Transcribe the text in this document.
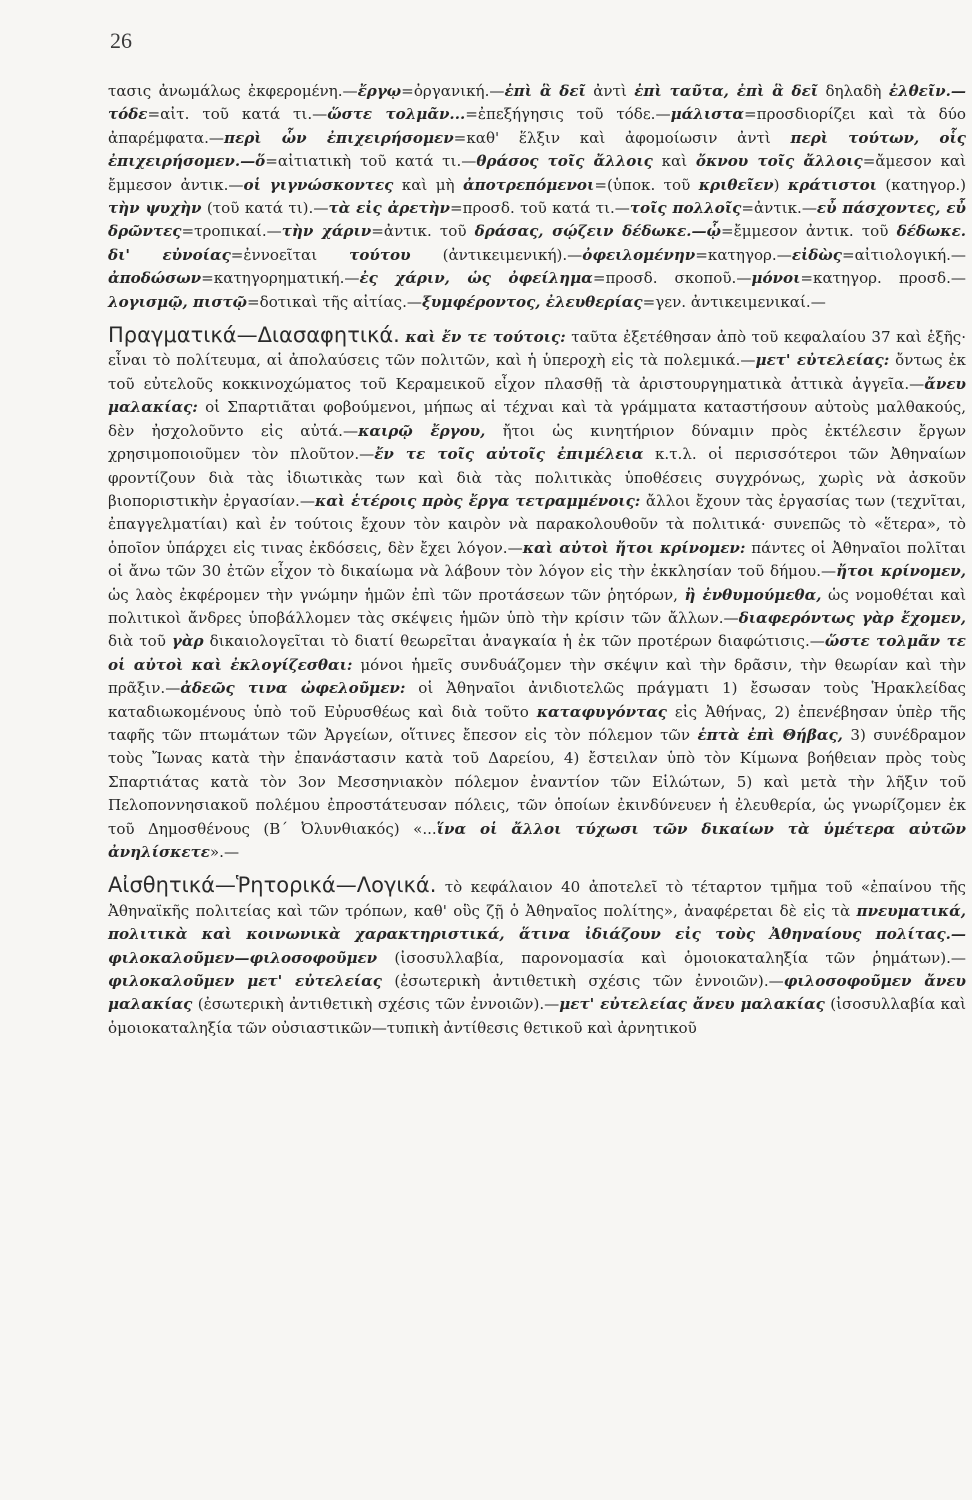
26

τασις ἀνωμάλως ἐκφερομένη.—ἔργῳ=ὀργανική.—ἐπὶ ἃ δεῖ ἀντὶ ἐπὶ ταῦτα, ἐπὶ ἃ δεῖ δηλαδὴ ἐλθεῖν.—τόδε=αἰτ. τοῦ κατά τι.—ὥστε τολμᾶν...=ἐπεξήγησις τοῦ τόδε.—μάλιστα=προσδιορίζει καὶ τὰ δύο ἀπαρέμφατα.—περὶ ὧν ἐπιχειρήσομεν=καθ' ἕλξιν καὶ ἀφομοίωσιν ἀντὶ περὶ τούτων, οἷς ἐπιχειρήσομεν.—ὅ=αἰτιατικὴ τοῦ κατά τι.—θράσος τοῖς ἄλλοις καὶ ὄκνου τοῖς ἄλλοις=ἄμεσον καὶ ἔμμεσον ἀντικ.—οἱ γιγνώσκοντες καὶ μὴ ἀποτρεπόμενοι=(ὑποκ. τοῦ κριθεῖεν) κράτιστοι (κατηγορ.) τὴν ψυχὴν (τοῦ κατά τι).—τὰ εἰς ἀρετὴν=προσδ. τοῦ κατά τι.—τοῖς πολλοῖς=ἀντικ.—εὖ πάσχοντες, εὖ δρῶντες=τροπικαί.—τὴν χάριν=ἀντικ. τοῦ δράσας, σῴζειν δέδωκε.—ᾧ=ἔμμεσον ἀντικ. τοῦ δέδωκε. δι' εὐνοίας=ἐννοεῖται τούτου (ἀντικειμενική).—ὀφειλομένην=κατηγορ.—εἰδὼς=αἰτιολογική.—ἀποδώσων=κατηγορηματική.—ἐς χάριν, ὡς ὀφείλημα=προσδ. σκοποῦ.—μόνοι=κατηγορ. προσδ.—λογισμῷ, πιστῷ=δοτικαὶ τῆς αἰτίας.—ξυμφέροντος, ἐλευθερίας=γεν. ἀντικειμενικαί.—

Πραγματικά—Διασαφητικά. καὶ ἔν τε τούτοις: ταῦτα ἐξετέθησαν ἀπὸ τοῦ κεφαλαίου 37 καὶ ἑξῆς· εἶναι τὸ πολίτευμα, αἱ ἀπολαύσεις τῶν πολιτῶν, καὶ ἡ ὑπεροχὴ εἰς τὰ πολεμικά.—μετ' εὐτελείας: ὄντως ἐκ τοῦ εὐτελοῦς κοκκινοχώματος τοῦ Κεραμεικοῦ εἶχον πλασθῇ τὰ ἀριστουργηματικὰ ἀττικὰ ἀγγεῖα.—ἄνευ μαλακίας: οἱ Σπαρτιᾶται φοβούμενοι, μήπως αἱ τέχναι καὶ τὰ γράμματα καταστήσουν αὐτοὺς μαλθακούς, δὲν ἠσχολοῦντο εἰς αὐτά.—καιρῷ ἔργου, ἤτοι ὡς κινητήριον δύναμιν πρὸς ἐκτέλεσιν ἔργων χρησιμοποιοῦμεν τὸν πλοῦτον.—ἔν τε τοῖς αὐτοῖς ἐπιμέλεια κ.τ.λ. οἱ περισσότεροι τῶν Ἀθηναίων φροντίζουν διὰ τὰς ἰδιωτικὰς των καὶ διὰ τὰς πολιτικὰς ὑποθέσεις συγχρόνως, χωρὶς νὰ ἀσκοῦν βιοποριστικὴν ἐργασίαν.—καὶ ἑτέροις πρὸς ἔργα τετραμμένοις: ἄλλοι ἔχουν τὰς ἐργασίας των (τεχνῖται, ἐπαγγελματίαι) καὶ ἐν τούτοις ἔχουν τὸν καιρὸν νὰ παρακολουθοῦν τὰ πολιτικά· συνεπῶς τὸ «ἕτερα», τὸ ὁποῖον ὑπάρχει εἰς τινας ἐκδόσεις, δὲν ἔχει λόγον.—καὶ αὐτοὶ ἤτοι κρίνομεν: πάντες οἱ Ἀθηναῖοι πολῖται οἱ ἄνω τῶν 30 ἐτῶν εἶχον τὸ δικαίωμα νὰ λάβουν τὸν λόγον εἰς τὴν ἐκκλησίαν τοῦ δήμου.—ἤτοι κρίνομεν, ὡς λαὸς ἐκφέρομεν τὴν γνώμην ἡμῶν ἐπὶ τῶν προτάσεων τῶν ῥητόρων, ἢ ἐνθυμούμεθα, ὡς νομοθέται καὶ πολιτικοὶ ἄνδρες ὑποβάλλομεν τὰς σκέψεις ἡμῶν ὑπὸ τὴν κρίσιν τῶν ἄλλων.—διαφερόντως γὰρ ἔχομεν, διὰ τοῦ γὰρ δικαιολογεῖται τὸ διατί θεωρεῖται ἀναγκαία ἡ ἐκ τῶν προτέρων διαφώτισις.—ὥστε τολμᾶν τε οἱ αὐτοὶ καὶ ἐκλογίζεσθαι: μόνοι ἡμεῖς συνδυάζομεν τὴν σκέψιν καὶ τὴν δρᾶσιν, τὴν θεωρίαν καὶ τὴν πρᾶξιν.—ἀδεῶς τινα ὠφελοῦμεν: οἱ Ἀθηναῖοι ἀνιδιοτελῶς πράγματι 1) ἔσωσαν τοὺς Ἡρακλείδας καταδιωκομένους ὑπὸ τοῦ Εὐρυσθέως καὶ διὰ τοῦτο καταφυγόντας εἰς Ἀθήνας, 2) ἐπενέβησαν ὑπὲρ τῆς ταφῆς τῶν πτωμάτων τῶν Ἀργείων, οἵτινες ἔπεσον εἰς τὸν πόλεμον τῶν ἑπτὰ ἐπὶ Θήβας, 3) συνέδραμον τοὺς Ἴωνας κατὰ τὴν ἐπανάστασιν κατὰ τοῦ Δαρείου, 4) ἔστειλαν ὑπὸ τὸν Κίμωνα βοήθειαν πρὸς τοὺς Σπαρτιάτας κατὰ τὸν 3ον Μεσσηνιακὸν πόλεμον ἐναντίον τῶν Εἱλώτων, 5) καὶ μετὰ τὴν λῆξιν τοῦ Πελοποννησιακοῦ πολέμου ἐπροστάτευσαν πόλεις, τῶν ὁποίων ἐκινδύνευεν ἡ ἐλευθερία, ὡς γνωρίζομεν ἐκ τοῦ Δημοσθένους (Β΄ Ὀλυνθιακός) «...ἵνα οἱ ἄλλοι τύχωσι τῶν δικαίων τὰ ὑμέτερα αὐτῶν ἀνηλίσκετε».—

Αἰσθητικά—Ῥητορικά—Λογικά. τὸ κεφάλαιον 40 ἀποτελεῖ τὸ τέταρτον τμῆμα τοῦ «ἐπαίνου τῆς Ἀθηναϊκῆς πολιτείας καὶ τῶν τρόπων, καθ' οὓς ζῇ ὁ Ἀθηναῖος πολίτης», ἀναφέρεται δὲ εἰς τὰ πνευματικά, πολιτικὰ καὶ κοινωνικὰ χαρακτηριστικά, ἅτινα ἰδιάζουν εἰς τοὺς Ἀθηναίους πολίτας.—φιλοκαλοῦμεν—φιλοσοφοῦμεν (ἰσοσυλλαβία, παρονομασία καὶ ὁμοιοκαταληξία τῶν ῥημάτων).—φιλοκαλοῦμεν μετ' εὐτελείας (ἐσωτερικὴ ἀντιθετικὴ σχέσις τῶν ἐννοιῶν).—φιλοσοφοῦμεν ἄνευ μαλακίας (ἐσωτερικὴ ἀντιθετικὴ σχέσις τῶν ἐννοιῶν).—μετ' εὐτελείας ἄνευ μαλακίας (ἰσοσυλλαβία καὶ ὁμοιοκαταληξία τῶν οὐσιαστικῶν—τυπικὴ ἀντίθεσις θετικοῦ καὶ ἀρνητικοῦ
